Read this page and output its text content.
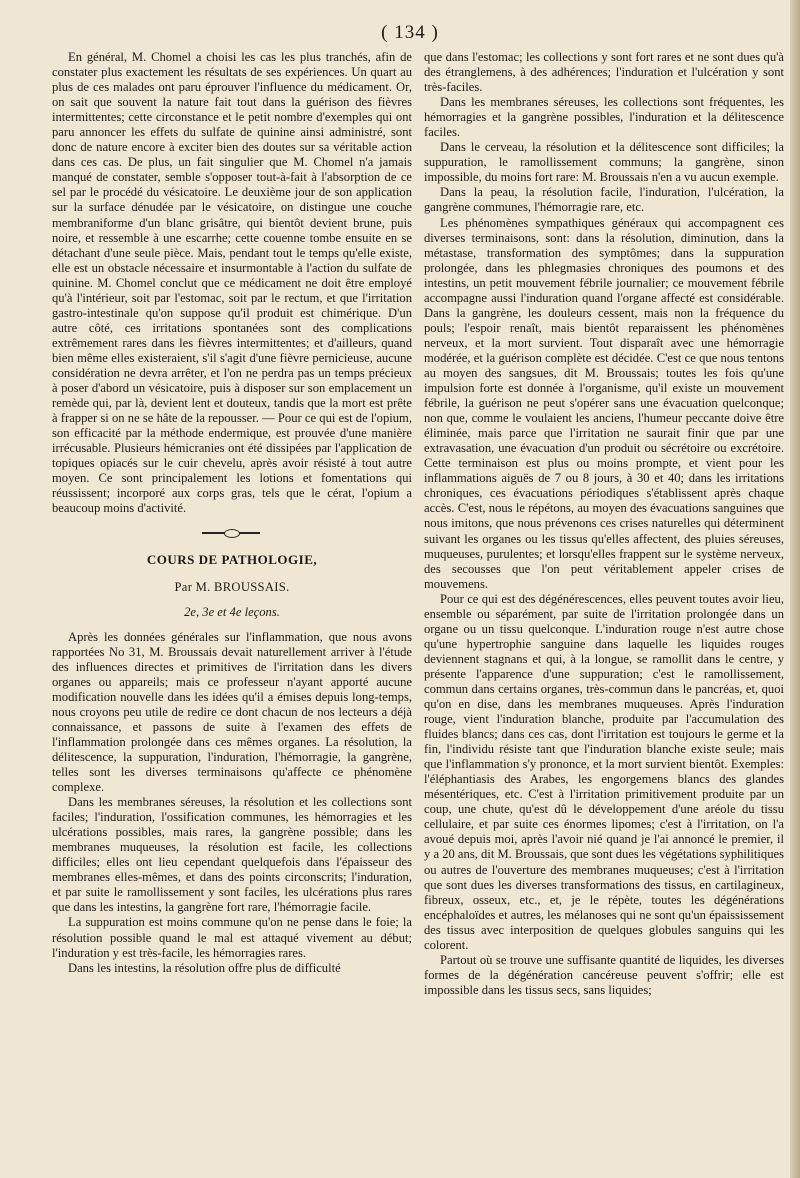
( 134 )

En général, M. Chomel a choisi les cas les plus tranchés, afin de constater plus exactement les résultats de ses expériences. Un quart au plus de ces malades ont paru éprouver l'influence du médicament. Or, on sait que souvent la nature fait tout dans la guérison des fièvres intermittentes; cette circonstance et le petit nombre d'exemples qui ont paru annoncer les effets du sulfate de quinine ainsi administré, sont donc de nature encore à exciter bien des doutes sur sa véritable action dans ces cas. De plus, un fait singulier que M. Chomel n'a jamais manqué de constater, semble s'opposer tout-à-fait à l'absorption de ce sel par le procédé du vésicatoire. Le deuxième jour de son application sur la surface dénudée par le vésicatoire, on distingue une couche membraniforme d'un blanc grisâtre, qui bientôt devient brune, puis noire, et ressemble à une escarrhe; cette couenne tombe ensuite en se détachant d'une seule pièce. Mais, pendant tout le temps qu'elle existe, elle est un obstacle nécessaire et insurmontable à l'action du sulfate de quinine. M. Chomel conclut que ce médicament ne doit être employé qu'à l'intérieur, soit par l'estomac, soit par le rectum, et que l'irritation gastro-intestinale qu'on suppose qu'il produit est chimérique. D'un autre côté, ces irritations spontanées sont des complications extrêmement rares dans les fièvres intermittentes; et d'ailleurs, quand bien même elles existeraient, s'il s'agit d'une fièvre pernicieuse, aucune considération ne devra arrêter, et l'on ne perdra pas un temps précieux à poser d'abord un vésicatoire, puis à disposer sur son emplacement un remède qui, par là, devient lent et douteux, tandis que la mort est prête à frapper si on ne se hâte de la repousser. — Pour ce qui est de l'opium, son efficacité par la méthode endermique, est prouvée d'une manière irrécusable. Plusieurs hémicranies ont été dissipées par l'application de topiques opiacés sur le cuir chevelu, après avoir résisté à tout autre moyen. Ce sont principalement les lotions et fomentations qui réussissent; incorporé aux corps gras, tels que le cérat, l'opium a beaucoup moins d'activité.

COURS DE PATHOLOGIE,
Par M. BROUSSAIS.
2e, 3e et 4e leçons.

Après les données générales sur l'inflammation, que nous avons rapportées No 31, M. Broussais devait naturellement arriver à l'étude des influences directes et primitives de l'irritation dans les divers organes ou appareils; mais ce professeur n'ayant apporté aucune modification nouvelle dans les idées qu'il a émises depuis long-temps, nous croyons peu utile de redire ce dont chacun de nos lecteurs a déjà connaissance, et passons de suite à l'examen des effets de l'inflammation prolongée dans ces mêmes organes. La résolution, la délitescence, la suppuration, l'induration, l'hémorragie, la gangrène, telles sont les diverses terminaisons qu'affecte ce phénomène complexe.

Dans les membranes séreuses, la résolution et les collections sont faciles; l'induration, l'ossification communes, les hémorragies et les ulcérations possibles, mais rares, la gangrène possible; dans les membranes muqueuses, la résolution est facile, les collections difficiles; elles ont lieu cependant quelquefois dans l'épaisseur des membranes elles-mêmes, et dans des points circonscrits; l'induration, et par suite le ramollissement y sont faciles, les ulcérations plus rares que dans les intestins, la gangrène fort rare, l'hémorragie facile.

La suppuration est moins commune qu'on ne pense dans le foie; la résolution possible quand le mal est attaqué vivement au début; l'induration y est très-facile, les hémorragies rares.

Dans les intestins, la résolution offre plus de difficulté

que dans l'estomac; les collections y sont fort rares et ne sont dues qu'à des étranglemens, à des adhérences; l'induration et l'ulcération y sont très-faciles.

Dans les membranes séreuses, les collections sont fréquentes, les hémorragies et la gangrène possibles, l'induration et la délitescence faciles.

Dans le cerveau, la résolution et la délitescence sont difficiles; la suppuration, le ramollissement communs; la gangrène, sinon impossible, du moins fort rare: M. Broussais n'en a vu aucun exemple.

Dans la peau, la résolution facile, l'induration, l'ulcération, la gangrène communes, l'hémorragie rare, etc.

Les phénomènes sympathiques généraux qui accompagnent ces diverses terminaisons, sont: dans la résolution, diminution, dans la métastase, transformation des symptômes; dans la suppuration prolongée, dans les phlegmasies chroniques des poumons et des intestins, un petit mouvement fébrile journalier; ce mouvement fébrile accompagne aussi l'induration quand l'organe affecté est considérable. Dans la gangrène, les douleurs cessent, mais non la fréquence du pouls; l'espoir renaît, mais bientôt reparaissent les phénomènes nerveux, et la mort survient. Tout disparaît avec une hémorragie modérée, et la guérison complète est décidée. C'est ce que nous tentons au moyen des sangsues, dit M. Broussais; toutes les fois qu'une impulsion forte est donnée à l'organisme, qu'il existe un mouvement fébrile, la guérison ne peut s'opérer sans une évacuation quelconque; non que, comme le voulaient les anciens, l'humeur peccante doive être éliminée, mais parce que l'irritation ne saurait finir que par une extravasation, une évacuation d'un produit ou sécrétoire ou excrétoire. Cette terminaison est plus ou moins prompte, et vient pour les inflammations aiguës de 7 ou 8 jours, à 30 et 40; dans les irritations chroniques, ces évacuations périodiques s'établissent après chaque accès. C'est, nous le répétons, au moyen des évacuations sanguines que nous imitons, que nous prévenons ces crises naturelles qui déterminent suivant les organes ou les tissus qu'elles affectent, des pluies séreuses, muqueuses, purulentes; et lorsqu'elles frappent sur le système nerveux, des secousses que l'on peut véritablement appeler crises de mouvemens.

Pour ce qui est des dégénérescences, elles peuvent toutes avoir lieu, ensemble ou séparément, par suite de l'irritation prolongée dans un organe ou un tissu quelconque. L'induration rouge n'est autre chose qu'une hypertrophie sanguine dans laquelle les liquides rouges deviennent stagnans et qui, à la longue, se ramollit dans le centre, y présente l'apparence d'une suppuration; c'est le ramollissement, commun dans certains organes, très-commun dans le pancréas, et, quoi qu'on en dise, dans les membranes muqueuses. Après l'induration rouge, vient l'induration blanche, produite par l'accumulation des fluides blancs; dans ces cas, dont l'irritation est toujours le germe et la fin, l'individu résiste tant que l'induration blanche existe seule; mais que l'inflammation s'y prononce, et la mort survient bientôt. Exemples: l'éléphantiasis des Arabes, les engorgemens blancs des glandes mésentériques, etc. C'est à l'irritation primitivement produite par un coup, une chute, qu'est dû le développement d'une aréole du tissu cellulaire, et par suite ces énormes lipomes; c'est à l'irritation, on l'a avoué depuis moi, après l'avoir nié quand je l'ai annoncé le premier, il y a 20 ans, dit M. Broussais, que sont dues les végétations syphilitiques ou autres de l'ouverture des membranes muqueuses; c'est à l'irritation que sont dues les diverses transformations des tissus, en cartilagineux, fibreux, osseux, etc., et, je le répète, toutes les dégénérations encéphaloïdes et autres, les mélanoses qui ne sont qu'un épaississement des tissus avec interposition de quelques globules sanguins qui les colorent.

Partout où se trouve une suffisante quantité de liquides, les diverses formes de la dégénération cancéreuse peuvent s'offrir; elle est impossible dans les tissus secs, sans liquides;
